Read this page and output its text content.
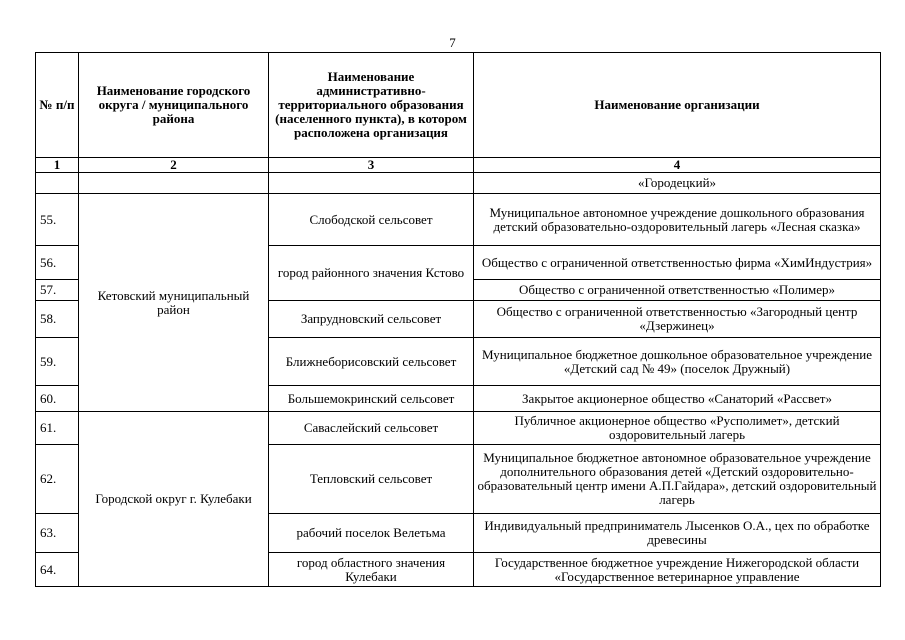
7
№ п/п	Наименование городского округа / муниципального района	Наименование административно-территориального образования (населенного пункта), в котором расположена организация	Наименование организации
1	2	3	4
			«Городецкий»
55.	Кетовский муниципальный район	Слободской сельсовет	Муниципальное автономное учреждение дошкольного образования детский образовательно-оздоровительный лагерь «Лесная сказка»
56.		город районного значения Кстово	Общество с ограниченной ответственностью фирма «ХимИндустрия»
57.			Общество с ограниченной ответственностью «Полимер»
58.		Запрудновский сельсовет	Общество с ограниченной ответственностью «Загородный центр «Дзержинец»
59.		Ближнеборисовский сельсовет	Муниципальное бюджетное дошкольное образовательное учреждение «Детский сад № 49» (поселок Дружный)
60.		Большемокринский сельсовет	Закрытое акционерное общество «Санаторий «Рассвет»
61.	Городской округ г. Кулебаки	Саваслейский сельсовет	Публичное акционерное общество «Русполимет», детский оздоровительный лагерь
62.		Тепловский сельсовет	Муниципальное бюджетное автономное образовательное учреждение дополнительного образования детей «Детский оздоровительно-образовательный центр имени А.П.Гайдара», детский оздоровительный лагерь
63.		рабочий поселок Велетьма	Индивидуальный предприниматель Лысенков О.А., цех по обработке древесины
64.		город областного значения Кулебаки	Государственное бюджетное учреждение Нижегородской области «Государственное ветеринарное управление
